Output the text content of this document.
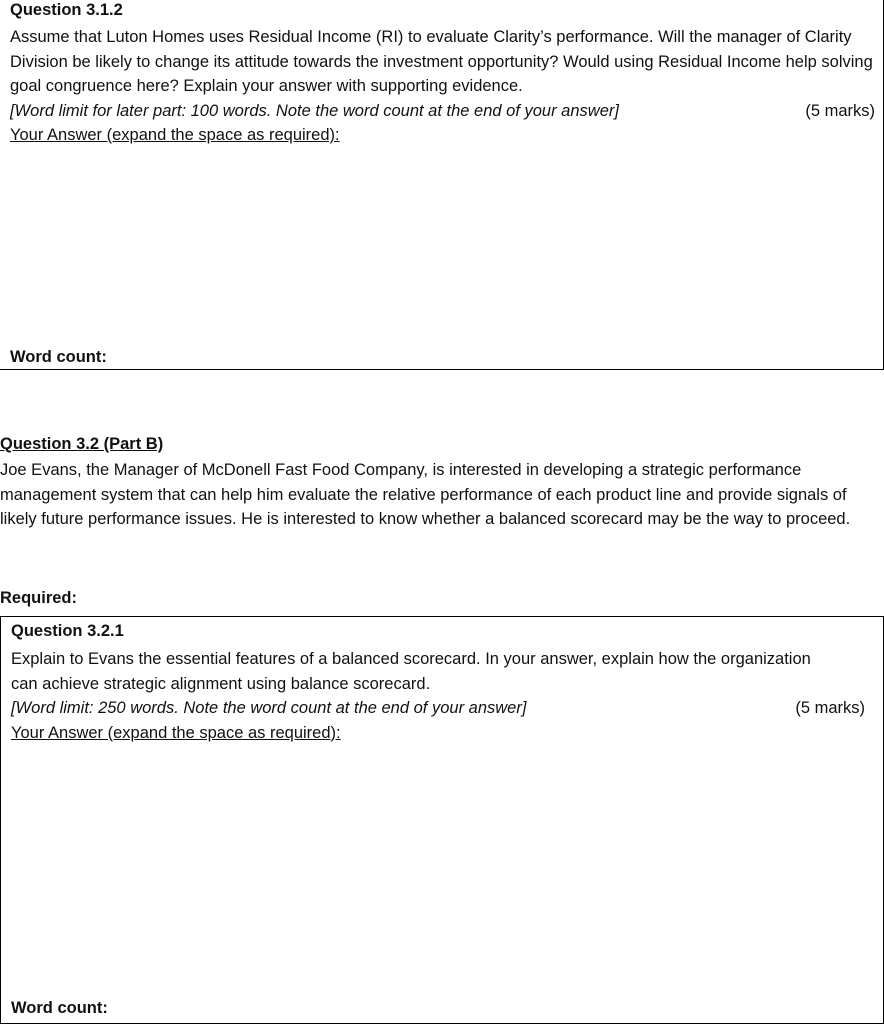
Question 3.1.2
Assume that Luton Homes uses Residual Income (RI) to evaluate Clarity’s performance. Will the manager of Clarity Division be likely to change its attitude towards the investment opportunity? Would using Residual Income help solving goal congruence here? Explain your answer with supporting evidence.
[Word limit for later part: 100 words. Note the word count at the end of your answer]	(5 marks)
Your Answer (expand the space as required):
Word count:
Question 3.2 (Part B)
Joe Evans, the Manager of McDonell Fast Food Company, is interested in developing a strategic performance management system that can help him evaluate the relative performance of each product line and provide signals of likely future performance issues. He is interested to know whether a balanced scorecard may be the way to proceed.
Required:
Question 3.2.1
Explain to Evans the essential features of a balanced scorecard. In your answer, explain how the organization can achieve strategic alignment using balance scorecard.
[Word limit: 250 words. Note the word count at the end of your answer]	(5 marks)
Your Answer (expand the space as required):
Word count:
